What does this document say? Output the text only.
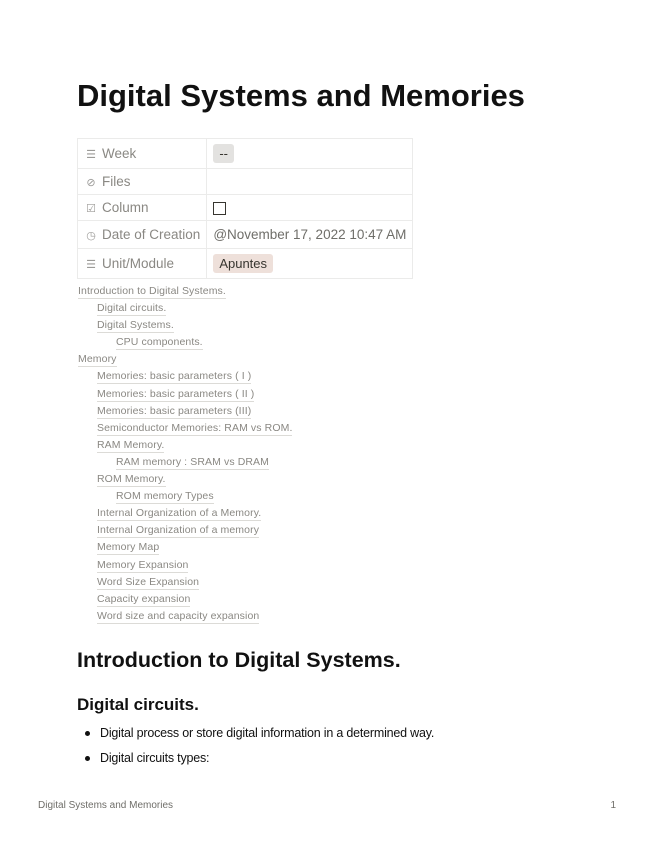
Digital Systems and Memories
☰ Week	--
⊘ Files	
☑ Column	
◷ Date of Creation	@November 17, 2022 10:47 AM
☰ Unit/Module	Apuntes
Introduction to Digital Systems.
Digital circuits.
Digital Systems.
CPU components.
Memory
Memories: basic parameters ( I )
Memories: basic parameters ( II )
Memories: basic parameters (III)
Semiconductor Memories: RAM vs ROM.
RAM Memory.
RAM memory : SRAM vs DRAM
ROM Memory.
ROM memory Types
Internal Organization of a Memory.
Internal Organization of a memory
Memory Map
Memory Expansion
Word Size Expansion
Capacity expansion
Word size and capacity expansion
Introduction to Digital Systems.
Digital circuits.
Digital process or store digital information in a determined way.
Digital circuits types:
Digital Systems and Memories	1
